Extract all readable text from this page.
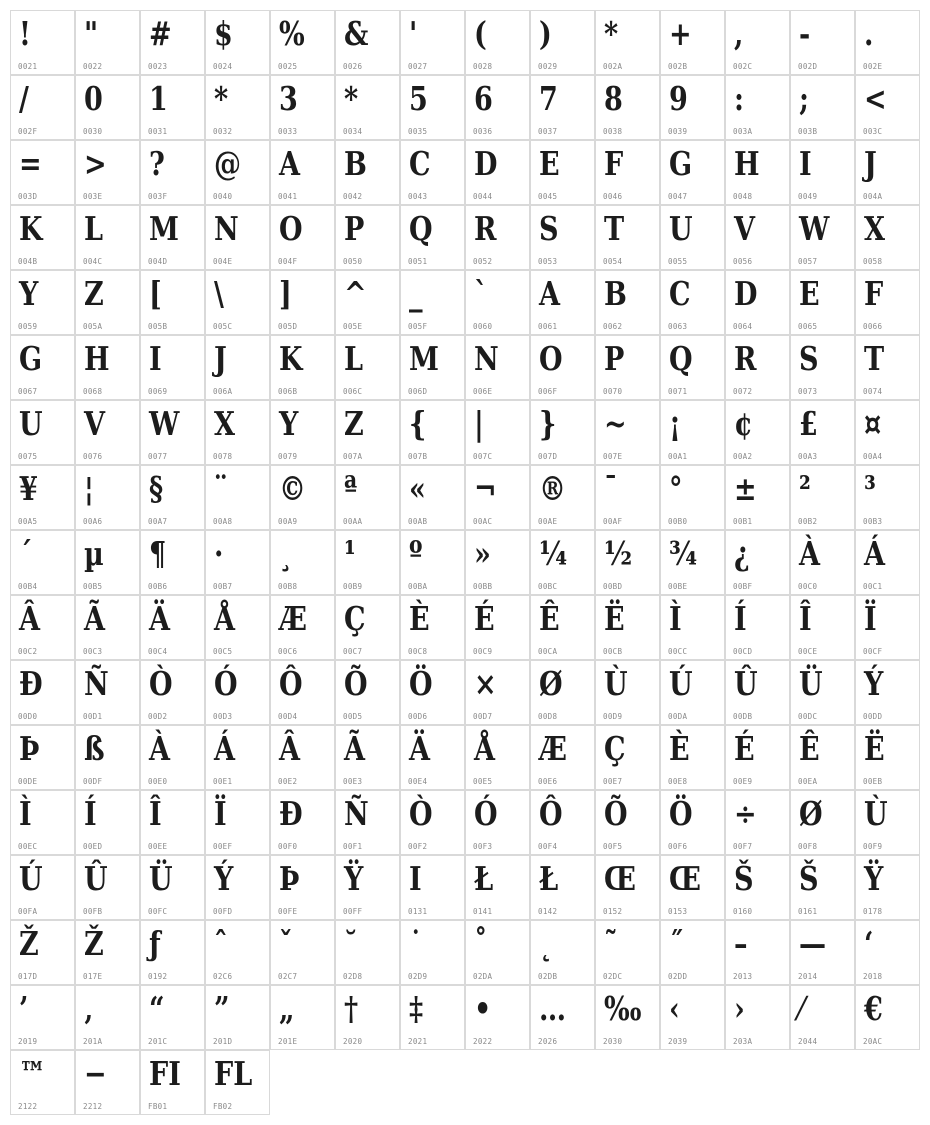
!
0021
"
0022
#
0023
$
0024
%
0025
&
0026
'
0027
(
0028
)
0029
*
002A
+
002B
,
002C
-
002D
.
002E
/
002F
0
0030
1
0031
*
0032
3
0033
*
0034
5
0035
6
0036
7
0037
8
0038
9
0039
:
003A
;
003B
<
003C
=
003D
>
003E
?
003F
@
0040
A
0041
B
0042
C
0043
D
0044
E
0045
F
0046
G
0047
H
0048
I
0049
J
004A
K
004B
L
004C
M
004D
N
004E
O
004F
P
0050
Q
0051
R
0052
S
0053
T
0054
U
0055
V
0056
W
0057
X
0058
Y
0059
Z
005A
[
005B
\
005C
]
005D
^
005E
_
005F
`
0060
A
0061
B
0062
C
0063
D
0064
E
0065
F
0066
G
0067
H
0068
I
0069
J
006A
K
006B
L
006C
M
006D
N
006E
O
006F
P
0070
Q
0071
R
0072
S
0073
T
0074
U
0075
V
0076
W
0077
X
0078
Y
0079
Z
007A
{
007B
|
007C
}
007D
~
007E
¡
00A1
¢
00A2
£
00A3
¤
00A4
¥
00A5
¦
00A6
§
00A7
¨
00A8
©
00A9
ª
00AA
«
00AB
¬
00AC
®
00AE
¯
00AF
°
00B0
±
00B1
²
00B2
³
00B3
´
00B4
µ
00B5
¶
00B6
·
00B7
¸
00B8
¹
00B9
º
00BA
»
00BB
¼
00BC
½
00BD
¾
00BE
¿
00BF
À
00C0
Á
00C1
Â
00C2
Ã
00C3
Ä
00C4
Å
00C5
Æ
00C6
Ç
00C7
È
00C8
É
00C9
Ê
00CA
Ë
00CB
Ì
00CC
Í
00CD
Î
00CE
Ï
00CF
Đ
00D0
Ñ
00D1
Ò
00D2
Ó
00D3
Ô
00D4
Õ
00D5
Ö
00D6
×
00D7
Ø
00D8
Ù
00D9
Ú
00DA
Û
00DB
Ü
00DC
Ý
00DD
Þ
00DE
ß
00DF
À
00E0
Á
00E1
Â
00E2
Ã
00E3
Ä
00E4
Å
00E5
Æ
00E6
Ç
00E7
È
00E8
É
00E9
Ê
00EA
Ë
00EB
Ì
00EC
Í
00ED
Î
00EE
Ï
00EF
Đ
00F0
Ñ
00F1
Ò
00F2
Ó
00F3
Ô
00F4
Õ
00F5
Ö
00F6
÷
00F7
Ø
00F8
Ù
00F9
Ú
00FA
Û
00FB
Ü
00FC
Ý
00FD
Þ
00FE
Ÿ
00FF
I
0131
Ł
0141
Ł
0142
Œ
0152
Œ
0153
Š
0160
Š
0161
Ÿ
0178
Ž
017D
Ž
017E
ƒ
0192
ˆ
02C6
ˇ
02C7
˘
02D8
˙
02D9
˚
02DA
˛
02DB
˜
02DC
˝
02DD
–
2013
—
2014
‘
2018
’
2019
‚
201A
“
201C
”
201D
„
201E
†
2020
‡
2021
•
2022
…
2026
‰
2030
‹
2039
›
203A
⁄
2044
€
20AC
™
2122
−
2212
FI
FB01
FL
FB02
